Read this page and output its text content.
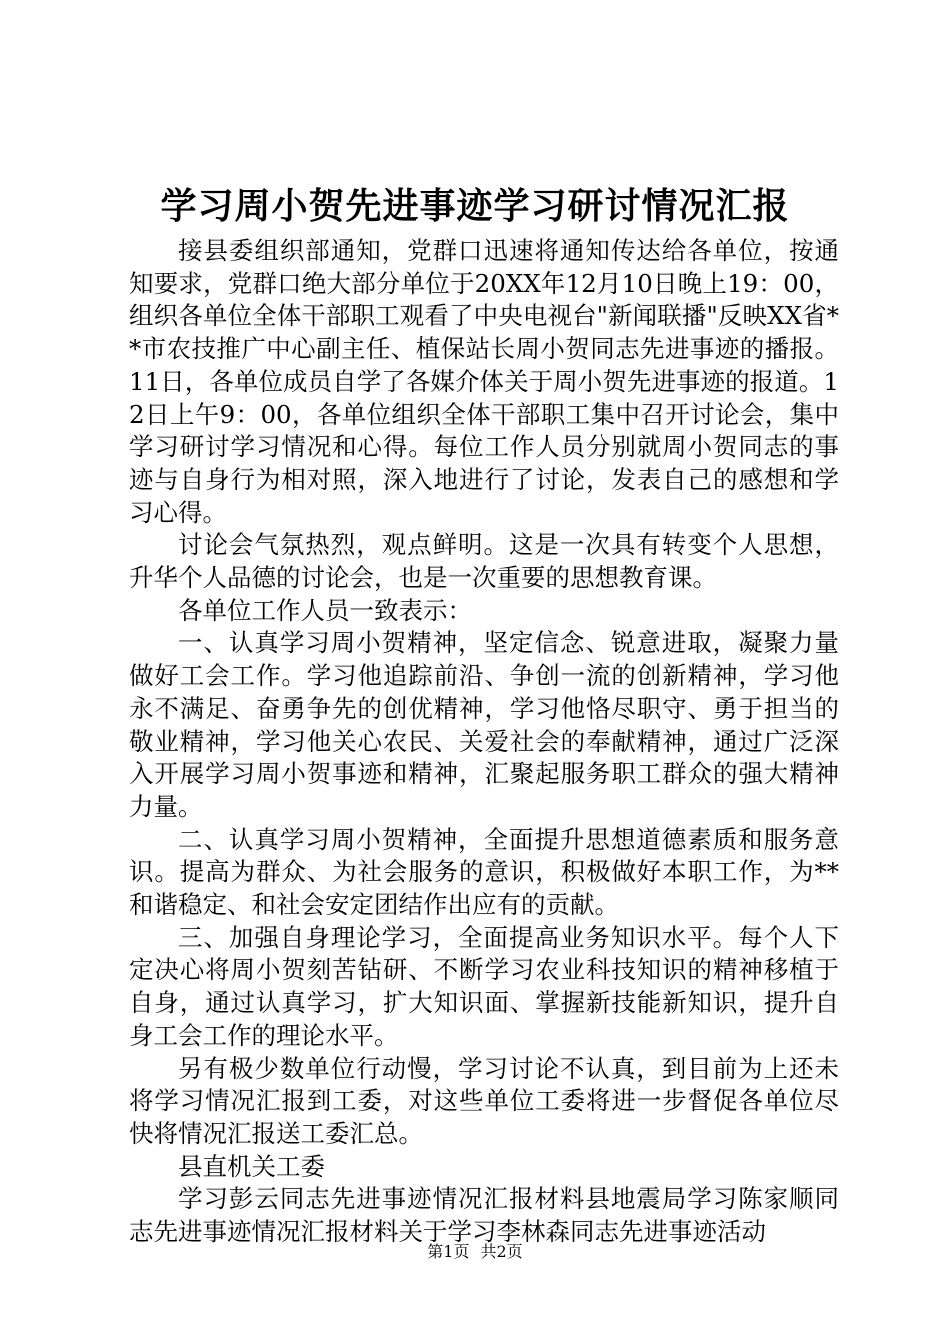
学习周小贺先进事迹学习研讨情况汇报

接县委组织部通知，党群口迅速将通知传达给各单位，按通知要求，党群口绝大部分单位于20XX年12月10日晚上19：00，组织各单位全体干部职工观看了中央电视台"新闻联播"反映XX省**市农技推广中心副主任、植保站长周小贺同志先进事迹的播报。11日，各单位成员自学了各媒介体关于周小贺先进事迹的报道。12日上午9：00，各单位组织全体干部职工集中召开讨论会，集中学习研讨学习情况和心得。每位工作人员分别就周小贺同志的事迹与自身行为相对照，深入地进行了讨论，发表自己的感想和学习心得。

讨论会气氛热烈，观点鲜明。这是一次具有转变个人思想，升华个人品德的讨论会，也是一次重要的思想教育课。

各单位工作人员一致表示：

一、认真学习周小贺精神，坚定信念、锐意进取，凝聚力量做好工会工作。学习他追踪前沿、争创一流的创新精神，学习他永不满足、奋勇争先的创优精神，学习他恪尽职守、勇于担当的敬业精神，学习他关心农民、关爱社会的奉献精神，通过广泛深入开展学习周小贺事迹和精神，汇聚起服务职工群众的强大精神力量。

二、认真学习周小贺精神，全面提升思想道德素质和服务意识。提高为群众、为社会服务的意识，积极做好本职工作，为**和谐稳定、和社会安定团结作出应有的贡献。

三、加强自身理论学习，全面提高业务知识水平。每个人下定决心将周小贺刻苦钻研、不断学习农业科技知识的精神移植于自身，通过认真学习，扩大知识面、掌握新技能新知识，提升自身工会工作的理论水平。

另有极少数单位行动慢，学习讨论不认真，到目前为上还未将学习情况汇报到工委，对这些单位工委将进一步督促各单位尽快将情况汇报送工委汇总。

县直机关工委

学习彭云同志先进事迹情况汇报材料县地震局学习陈家顺同志先进事迹情况汇报材料关于学习李林森同志先进事迹活动

第1页 共2页
